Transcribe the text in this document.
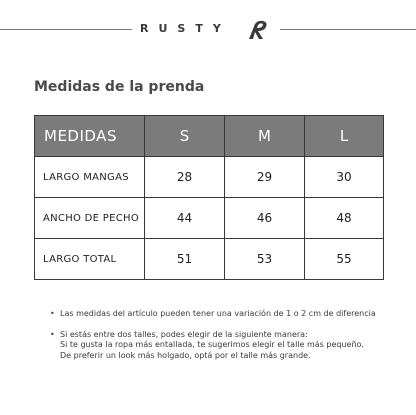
RUSTY
Medidas de la prenda
MEDIDAS	S	M	L
LARGO MANGAS	28	29	30
ANCHO DE PECHO	44	46	48
LARGO TOTAL	51	53	55
• Las medidas del artículo pueden tener una variación de 1 o 2 cm de diferencia
• Si estás entre dos talles, podes elegir de la siguiente manera:
Si te gusta la ropa más entallada, te sugerimos elegir el talle más pequeño.
De preferir un look más holgado, optá por el talle más grande.
